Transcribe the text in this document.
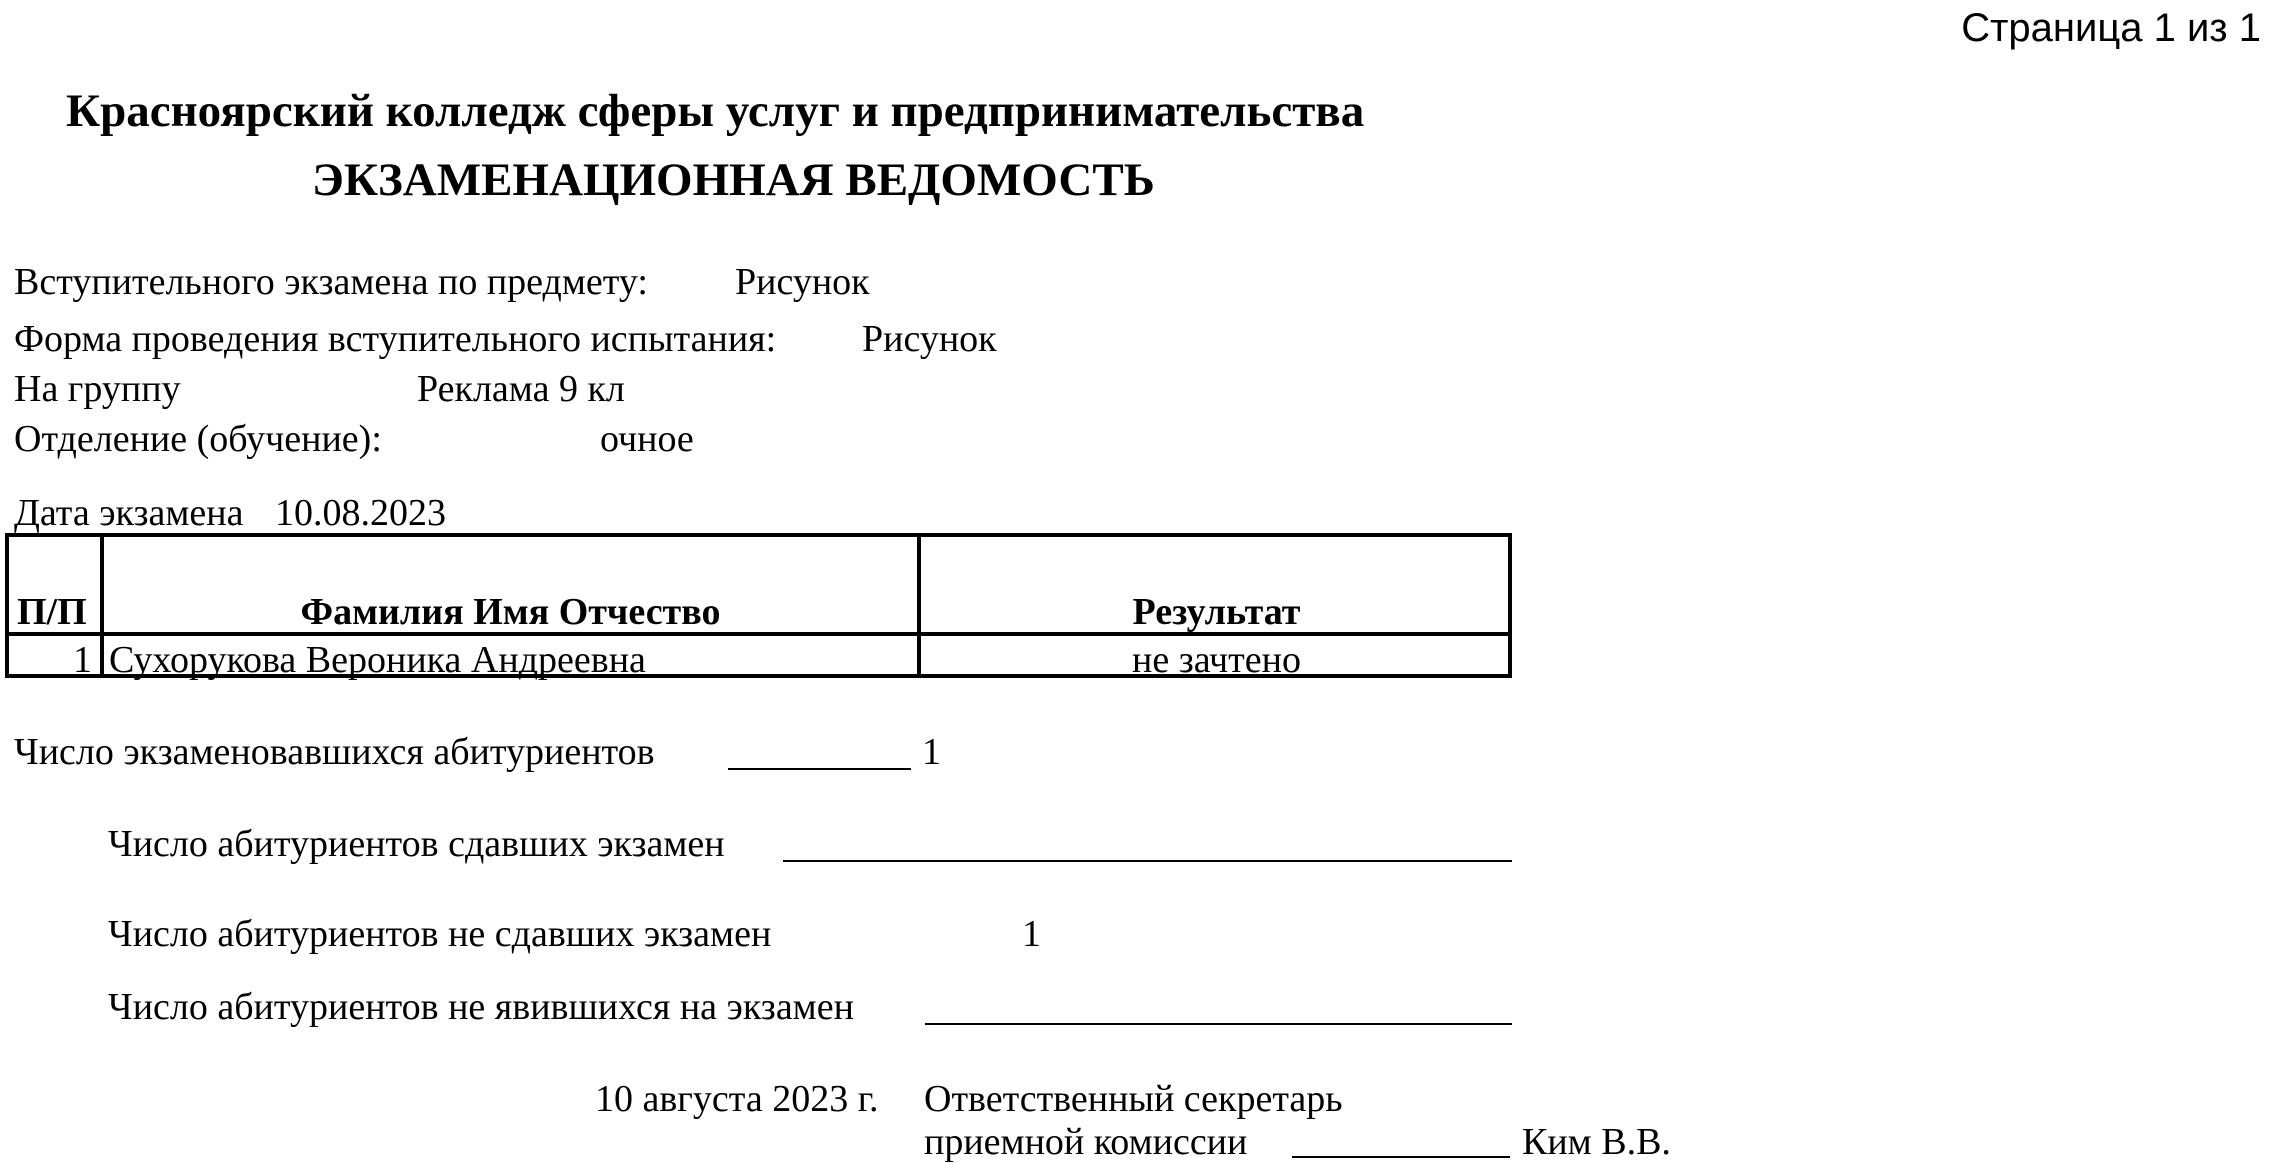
Страница 1 из 1
Красноярский колледж сферы услуг и предпринимательства
ЭКЗАМЕНАЦИОННАЯ ВЕДОМОСТЬ
Вступительного экзамена по предмету: Рисунок
Форма проведения вступительного испытания: Рисунок
На группу	Реклама 9 кл
Отделение (обучение):	очное
Дата экзамена 10.08.2023
П/П	Фамилия Имя Отчество	Результат
1 Сухорукова Вероника Андреевна	не зачтено
Число экзаменовавшихся абитуриентов	1
Число абитуриентов сдавших экзамен
Число абитуриентов не сдавших экзамен	1
Число абитуриентов не явившихся на экзамен
10 августа 2023 г. Ответственный секретарь
приемной комиссии	Ким В.В.
